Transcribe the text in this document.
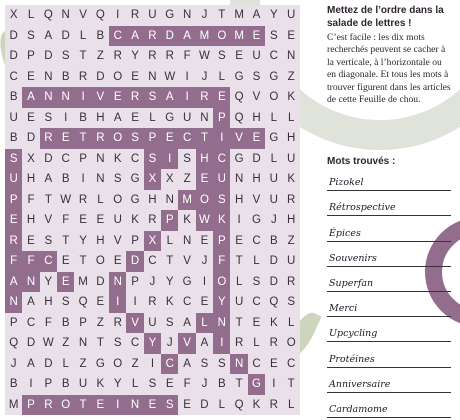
X L Q N V Q I	R U G N J T M A Y U
D S A D L B C A R D A M O M E S E
D P D S T Z R Y R R F W S E U C N
C E N B R D O E N W I	J L G S G Z
B A N N	I	V E R S A	I	R E Q V O K
U E S	I	B H A E L G U N P Q H L L
B D R E T R O S P E C T	I	V E G H
S X D C P N K C S	I	S H C G D L U
U H A B	I	N S G X X Z E U N H U K
P F T W R L O G H N M O S H V U R
E H V F E E U K R P K W K	I G J H
R E S T Y H V P X L N E P E C B Z
F F C E T O E D C T V J F T L D U
A N Y E M D N P J Y G I O L S D R
N A H S Q E	I	I	R K C E Y U C Q S
P C F B P Z R V U S A L N T E K L
Q D W Z N T S C Y J V A	I	R L R O
J A D L Z G O Z	I	C A S S N C E C
B	I	P B U K Y L S E F J B T G I	T
M P R O T E	I	N E S E D L Q K R L

Mettez de l’ordre dans la salade de lettres !

C’est facile : les dix mots recherchés peuvent se cacher à la verticale, à l’horizontale ou en diagonale. Et tous les mots à trouver figurent dans les articles de cette Feuille de chou.

Mots trouvés :
Pizokel
Rétrospective
Épices
Souvenirs
Superfan
Merci
Upcycling
Protéines
Anniversaire
Cardamome
